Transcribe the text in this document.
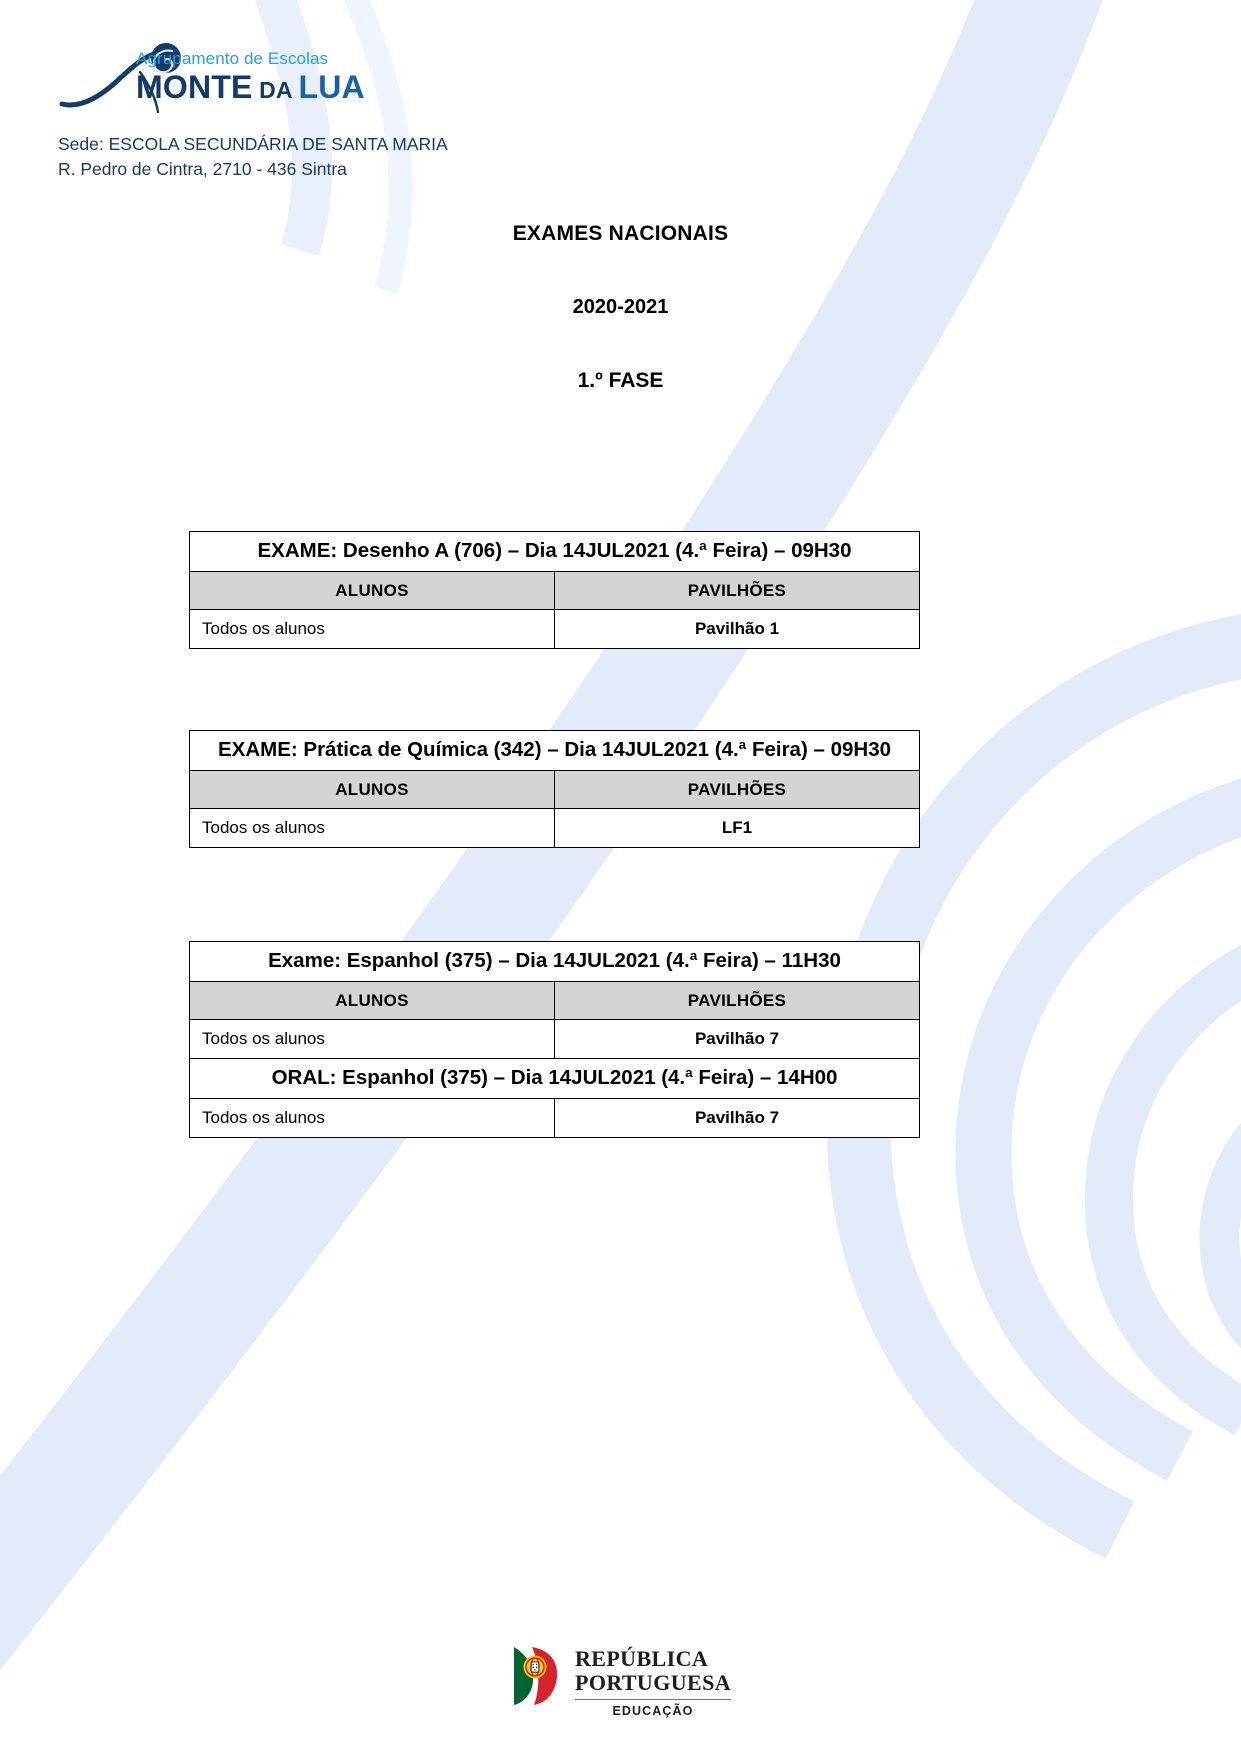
Agrupamento de Escolas
MONTE DA LUA
Sede: ESCOLA SECUNDÁRIA DE SANTA MARIA
R. Pedro de Cintra, 2710 - 436 Sintra

EXAMES NACIONAIS

2020-2021

1.º FASE

EXAME: Desenho A (706) – Dia 14JUL2021 (4.ª Feira) – 09H30	
ALUNOS	PAVILHÕES
Todos os alunos	Pavilhão 1
EXAME: Prática de Química (342) – Dia 14JUL2021 (4.ª Feira) – 09H30	
ALUNOS	PAVILHÕES
Todos os alunos	LF1
Exame: Espanhol (375) – Dia 14JUL2021 (4.ª Feira) – 11H30	
ALUNOS	PAVILHÕES
Todos os alunos	Pavilhão 7
ORAL: Espanhol (375) – Dia 14JUL2021 (4.ª Feira) – 14H00	
Todos os alunos	Pavilhão 7
REPÚBLICA
PORTUGUESA
EDUCAÇÃO
